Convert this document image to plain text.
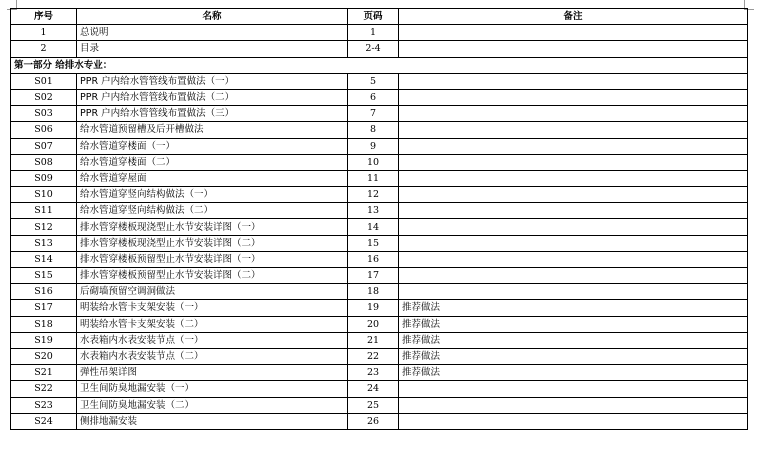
序号	名称	页码	备注
1	总说明	1	
2	目录	2-4	
第一部分 给排水专业：			
S01	PPR 户内给水管管线布置做法（一）	5	
S02	PPR 户内给水管管线布置做法（二）	6	
S03	PPR 户内给水管管线布置做法（三）	7	
S06	给水管道预留槽及后开槽做法	8	
S07	给水管道穿楼面（一）	9	
S08	给水管道穿楼面（二）	10	
S09	给水管道穿屋面	11	
S10	给水管道穿竖向结构做法（一）	12	
S11	给水管道穿竖向结构做法（二）	13	
S12	排水管穿楼板现浇型止水节安装详图（一）	14	
S13	排水管穿楼板现浇型止水节安装详图（二）	15	
S14	排水管穿楼板预留型止水节安装详图（一）	16	
S15	排水管穿楼板预留型止水节安装详图（二）	17	
S16	后砌墙预留空调洞做法	18	
S17	明装给水管卡支架安装（一）	19	推荐做法
S18	明装给水管卡支架安装（二）	20	推荐做法
S19	水表箱内水表安装节点（一）	21	推荐做法
S20	水表箱内水表安装节点（二）	22	推荐做法
S21	弹性吊架详图	23	推荐做法
S22	卫生间防臭地漏安装（一）	24	
S23	卫生间防臭地漏安装（二）	25	
S24	侧排地漏安装	26	
